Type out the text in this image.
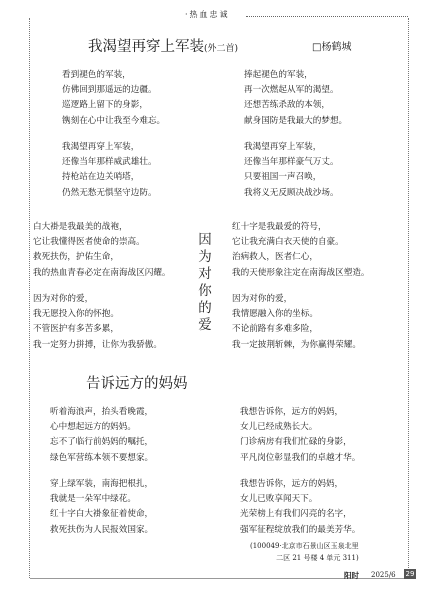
·热血忠诚
我渴望再穿上军装(外二首)	□杨鹤城
看到褪色的军装，
仿佛回到那遥远的边疆。
巡逻路上留下的身影，
镌刻在心中让我至今难忘。
我渴望再穿上军装，
还像当年那样威武雄壮。
持枪站在边关哨塔，
仍然无愁无惧坚守边防。
捧起褪色的军装，
再一次燃起从军的渴望。
还想苦练杀敌的本领，
献身国防是我最大的梦想。
我渴望再穿上军装，
还像当年那样豪气万丈。
只要祖国一声召唤，
我将义无反顾决战沙场。
白大褂是我最美的战袍，
它让我懂得医者使命的崇高。
救死扶伤，护佑生命，
我的热血青春必定在南海战区闪耀。
因为对你的爱，
我无愿投入你的怀抱。
不管医护有多苦多累，
我一定努力拼搏，让你为我骄傲。
因
为
对
你
的
爱
红十字是我最爱的符号，
它让我充满白衣天使的自豪。
治病救人，医者仁心，
我的天使形象注定在南海战区塑造。
因为对你的爱，
我情愿融入你的坐标。
不论前路有多难多险，
我一定披荆斩棘，为你赢得荣耀。
告诉远方的妈妈
听着海浪声，抬头看晚霞，
心中想起远方的妈妈。
忘不了临行前妈妈的嘱托，
绿色军营练本领不要想家。
穿上绿军装，南海把根扎，
我就是一朵军中绿花。
红十字白大褂象征着使命，
救死扶伤为人民报效国家。
我想告诉你，远方的妈妈，
女儿已经成熟长大。
门诊病房有我们忙碌的身影，
平凡岗位彰显我们的卓越才华。
我想告诉你，远方的妈妈，
女儿已败享闻天下。
光荣榜上有我们闪亮的名字，
强军征程绽放我们的最美芳华。
(100049·北京市石景山区玉泉北里
二区 21 号楼 4 单元 311)
阳时 2025/6 29
